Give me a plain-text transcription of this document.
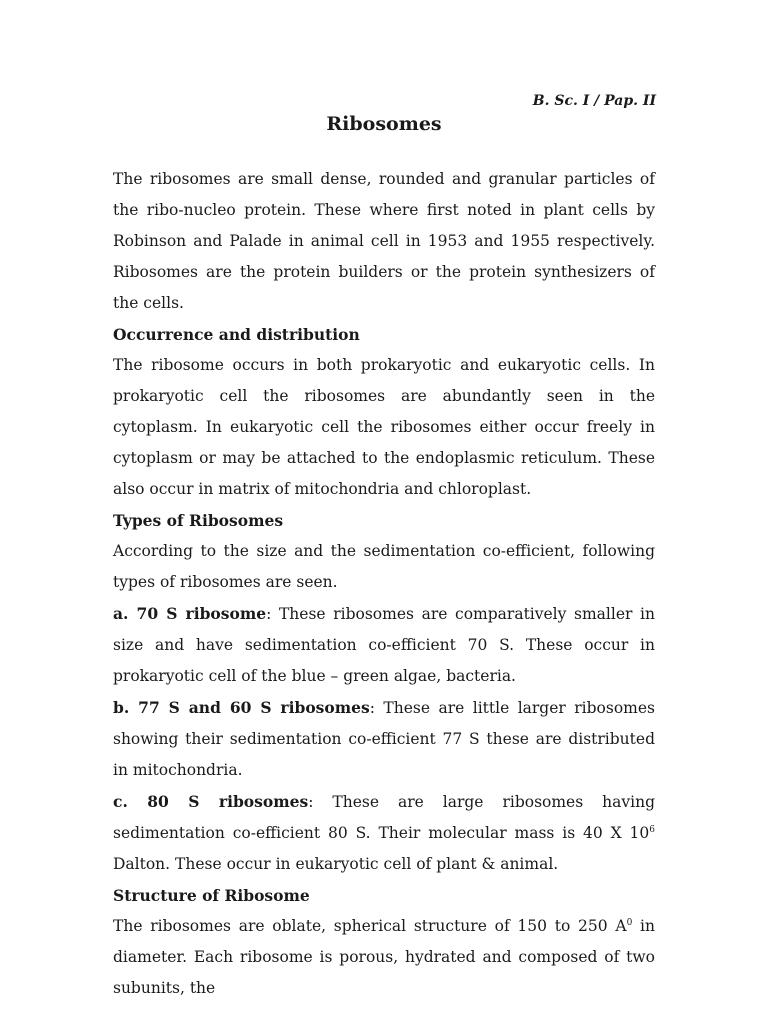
B. Sc. I / Pap. II
Ribosomes

The ribosomes are small dense, rounded and granular particles of the ribo-nucleo protein. These where first noted in plant cells by Robinson and Palade in animal cell in 1953 and 1955 respectively. Ribosomes are the protein builders or the protein synthesizers of the cells.

Occurrence and distribution

The ribosome occurs in both prokaryotic and eukaryotic cells. In prokaryotic cell the ribosomes are abundantly seen in the cytoplasm. In eukaryotic cell the ribosomes either occur freely in cytoplasm or may be attached to the endoplasmic reticulum. These also occur in matrix of mitochondria and chloroplast.

Types of Ribosomes

According to the size and the sedimentation co-efficient, following types of ribosomes are seen.

a. 70 S ribosome: These ribosomes are comparatively smaller in size and have sedimentation co-efficient 70 S. These occur in prokaryotic cell of the blue – green algae, bacteria.

b. 77 S and 60 S ribosomes: These are little larger ribosomes showing their sedimentation co-efficient 77 S these are distributed in mitochondria.

c. 80 S ribosomes: These are large ribosomes having sedimentation co-efficient 80 S. Their molecular mass is 40 X $10^6$ Dalton. These occur in eukaryotic cell of plant & animal.

Structure of Ribosome

The ribosomes are oblate, spherical structure of 150 to 250 $A^0$ in diameter. Each ribosome is porous, hydrated and composed of two subunits, the
